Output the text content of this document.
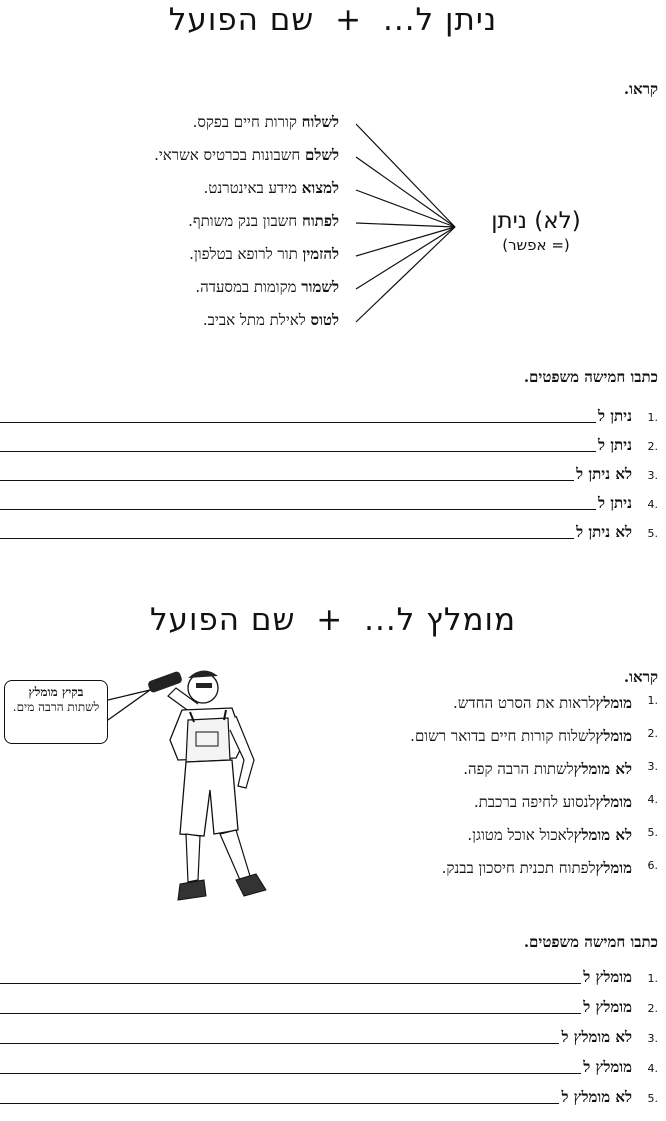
שם הפועל + ניתן ל...
קראו.
לשלוח קורות חיים בפקס.
לשלם חשבונות בכרטיס אשראי.
למצוא מידע באינטרנט.
לפתוח חשבון בנק משותף.
להזמין תור לרופא בטלפון.
לשמור מקומות במסעדה.
לטוס לאילת מתל אביב.
(לא) ניתן
(= אפשר)
כתבו חמישה משפטים.
.1
ניתן ל
.2
ניתן ל
.3
לא ניתן ל
.4
ניתן ל
.5
לא ניתן ל
שם הפועל + מומלץ ל...
קראו.
בקיץ מומלץ
לשתות הרבה מים.	.1
מומלץ
לראות את הסרט החדש.
.2
מומלץ
לשלוח קורות חיים בדואר רשום.
.3
לא מומלץ
לשתות הרבה קפה.
.4
מומלץ
לנסוע לחיפה ברכבת.
.5
לא מומלץ
לאכול אוכל מטוגן.
.6
מומלץ
לפתוח תכנית חיסכון בבנק.
כתבו חמישה משפטים.
.1
מומלץ ל
.2
מומלץ ל
.3
לא מומלץ ל
.4
מומלץ ל
.5
לא מומלץ ל
